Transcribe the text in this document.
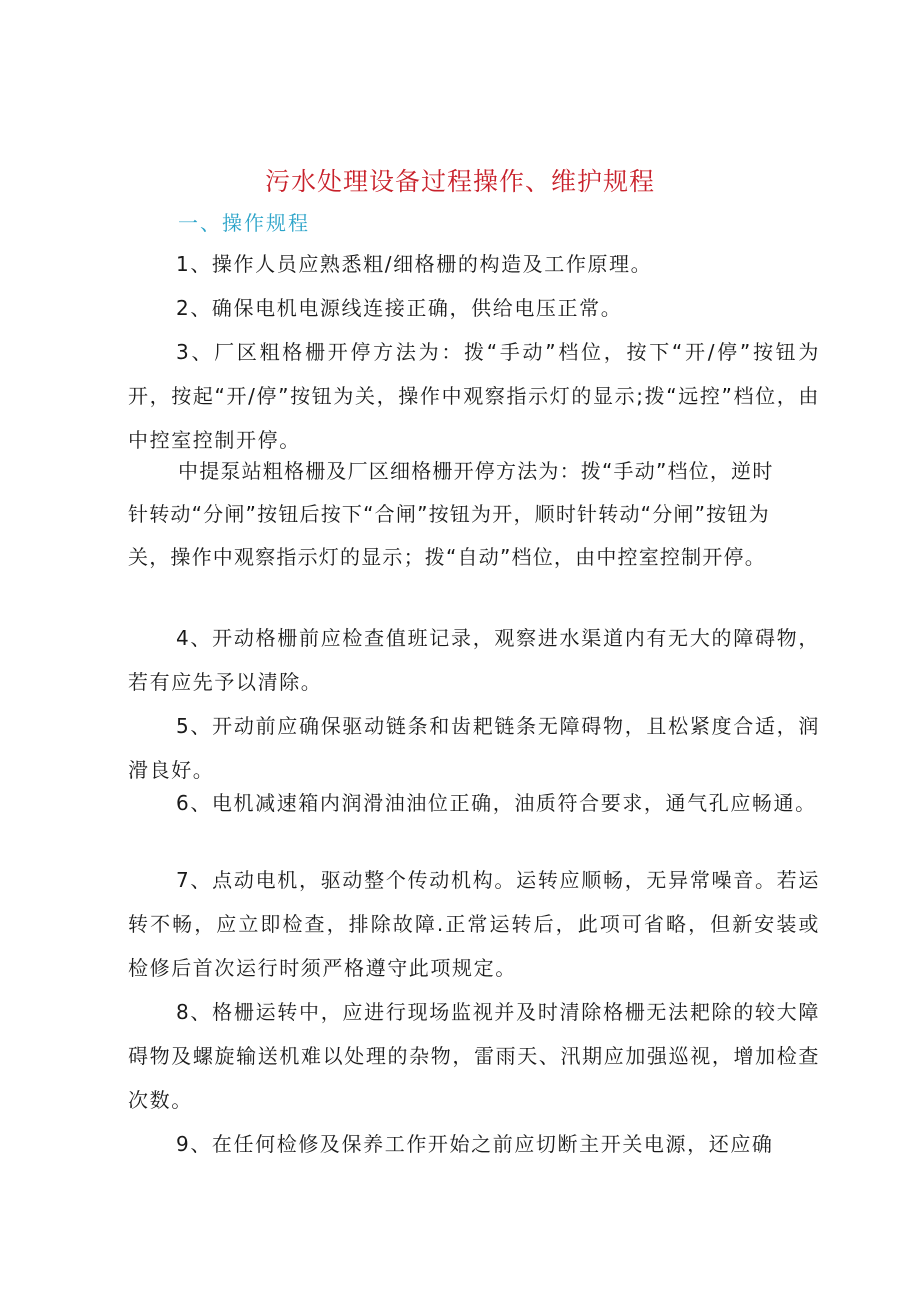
污水处理设备过程操作、维护规程
一、操作规程

1、操作人员应熟悉粗/细格栅的构造及工作原理。

2、确保电机电源线连接正确，供给电压正常。

3、厂区粗格栅开停方法为：拨“手动”档位，按下“开/停”按钮为开，按起“开/停”按钮为关，操作中观察指示灯的显示;拨“远控”档位，由中控室控制开停。

中提泵站粗格栅及厂区细格栅开停方法为：拨“手动”档位，逆时针转动“分闸”按钮后按下“合闸”按钮为开，顺时针转动“分闸”按钮为关，操作中观察指示灯的显示；拨“自动”档位，由中控室控制开停。

4、开动格栅前应检查值班记录，观察进水渠道内有无大的障碍物，若有应先予以清除。

5、开动前应确保驱动链条和齿耙链条无障碍物，且松紧度合适，润滑良好。

6、电机减速箱内润滑油油位正确，油质符合要求，通气孔应畅通。

7、点动电机，驱动整个传动机构。运转应顺畅，无异常噪音。若运转不畅，应立即检查，排除故障.正常运转后，此项可省略，但新安装或检修后首次运行时须严格遵守此项规定。

8、格栅运转中，应进行现场监视并及时清除格栅无法耙除的较大障碍物及螺旋输送机难以处理的杂物，雷雨天、汛期应加强巡视，增加检查次数。

9、在任何检修及保养工作开始之前应切断主开关电源，还应确
